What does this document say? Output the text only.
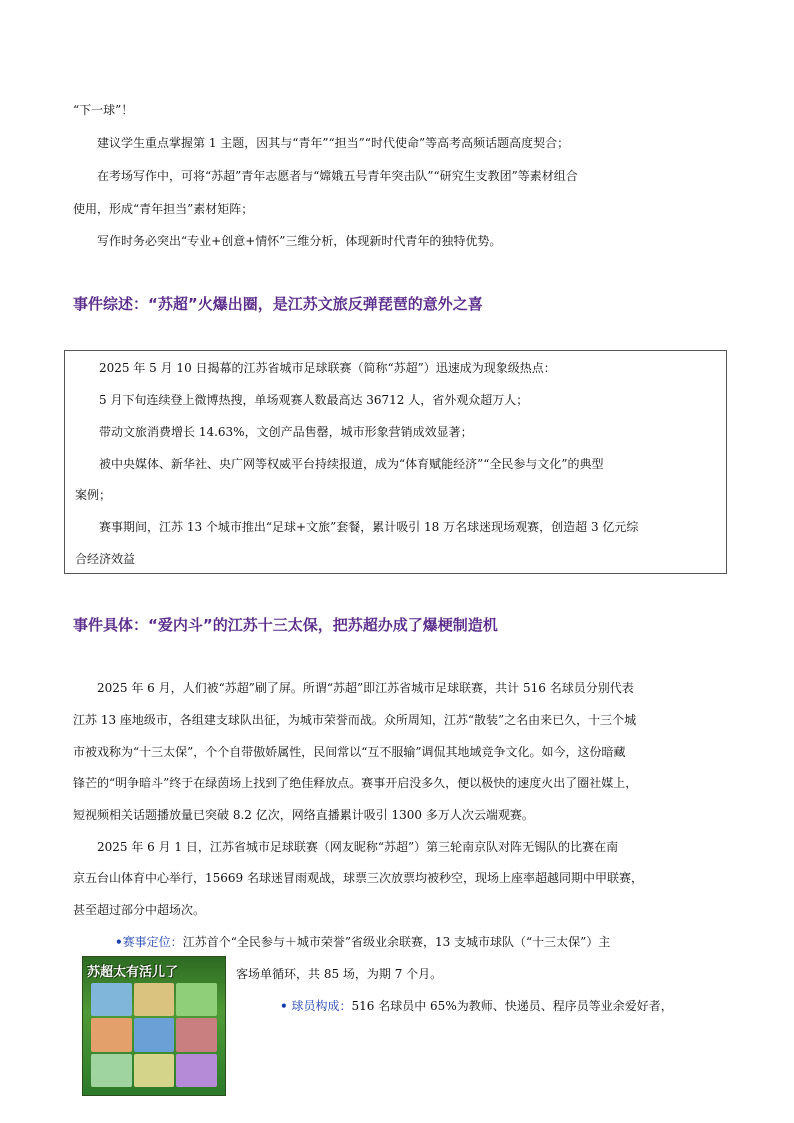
“下一球”！

建议学生重点掌握第 1 主题，因其与“青年”“担当”“时代使命”等高考高频话题高度契合；

在考场写作中，可将“苏超”青年志愿者与“嫦娥五号青年突击队”“研究生支教团”等素材组合

使用，形成“青年担当”素材矩阵；

写作时务必突出“专业+创意+情怀”三维分析，体现新时代青年的独特优势。

事件综述：“苏超”火爆出圈，是江苏文旅反弹琵琶的意外之喜
2025 年 5 月 10 日揭幕的江苏省城市足球联赛（简称“苏超”）迅速成为现象级热点：
5 月下旬连续登上微博热搜，单场观赛人数最高达 36712 人，省外观众超万人；
带动文旅消费增长 14.63%，文创产品售罄，城市形象营销成效显著；
被中央媒体、新华社、央广网等权威平台持续报道，成为“体育赋能经济”“全民参与文化”的典型
案例；
赛事期间，江苏 13 个城市推出“足球+文旅”套餐，累计吸引 18 万名球迷现场观赛，创造超 3 亿元综
合经济效益
事件具体：“爱内斗”的江苏十三太保，把苏超办成了爆梗制造机

2025 年 6 月，人们被“苏超”刷了屏。所谓“苏超”即江苏省城市足球联赛，共计 516 名球员分别代表

江苏 13 座地级市，各组建支球队出征，为城市荣誉而战。众所周知，江苏“散装”之名由来已久，十三个城

市被戏称为“十三太保”，个个自带傲娇属性，民间常以“互不服输”调侃其地域竞争文化。如今，这份暗藏

锋芒的“明争暗斗”终于在绿茵场上找到了绝佳释放点。赛事开启没多久，便以极快的速度火出了圈社媒上，

短视频相关话题播放量已突破 8.2 亿次，网络直播累计吸引 1300 多万人次云端观赛。

2025 年 6 月 1 日，江苏省城市足球联赛（网友昵称“苏超”）第三轮南京队对阵无锡队的比赛在南

京五台山体育中心举行，15669 名球迷冒雨观战，球票三次放票均被秒空，现场上座率超越同期中甲联赛，

甚至超过部分中超场次。

•赛事定位：江苏首个“全民参与＋城市荣誉”省级业余联赛，13 支城市球队（“十三太保”）主

客场单循环，共 85 场，为期 7 个月。

• 球员构成：516 名球员中 65%为教师、快递员、程序员等业余爱好者，

苏超太有活儿了
